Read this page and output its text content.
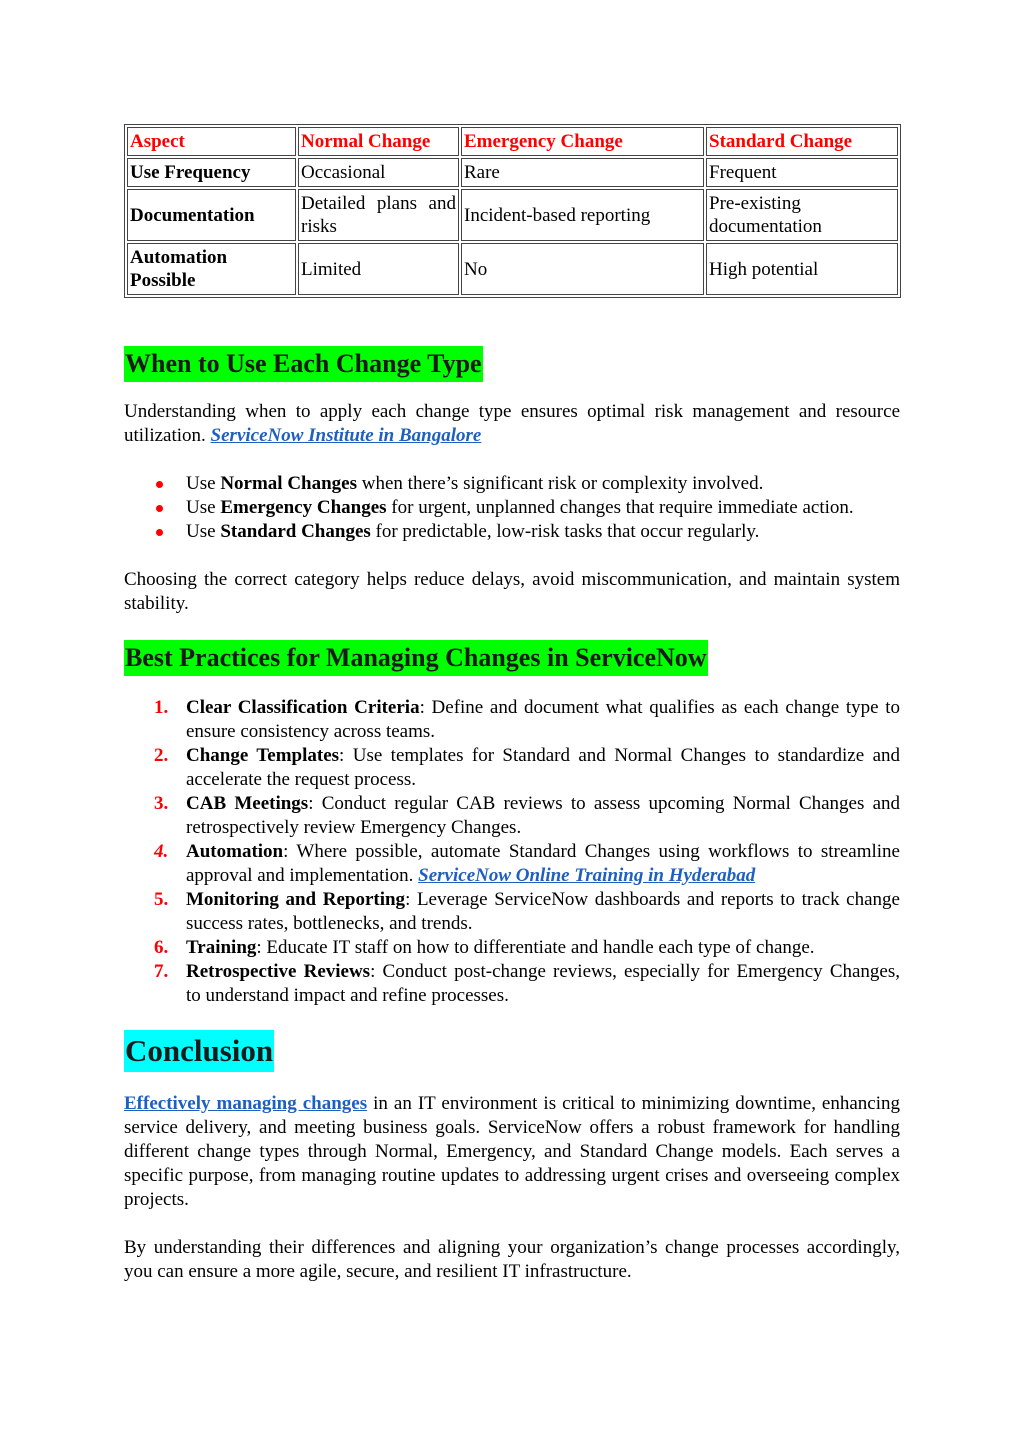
Aspect	Normal Change	Emergency Change	Standard Change
Use Frequency	Occasional	Rare	Frequent
Documentation	Detailed plans and risks	Incident-based reporting	Pre-existing documentation
Automation Possible	Limited	No	High potential
When to Use Each Change Type

Understanding when to apply each change type ensures optimal risk management and resource utilization. ServiceNow Institute in Bangalore

Use Normal Changes when there’s significant risk or complexity involved.
Use Emergency Changes for urgent, unplanned changes that require immediate action.
Use Standard Changes for predictable, low-risk tasks that occur regularly.

Choosing the correct category helps reduce delays, avoid miscommunication, and maintain system stability.

Best Practices for Managing Changes in ServiceNow
1. Clear Classification Criteria: Define and document what qualifies as each change type to ensure consistency across teams.
2. Change Templates: Use templates for Standard and Normal Changes to standardize and accelerate the request process.
3. CAB Meetings: Conduct regular CAB reviews to assess upcoming Normal Changes and retrospectively review Emergency Changes.
4. Automation: Where possible, automate Standard Changes using workflows to streamline approval and implementation. ServiceNow Online Training in Hyderabad
5. Monitoring and Reporting: Leverage ServiceNow dashboards and reports to track change success rates, bottlenecks, and trends.
6. Training: Educate IT staff on how to differentiate and handle each type of change.
7. Retrospective Reviews: Conduct post-change reviews, especially for Emergency Changes, to understand impact and refine processes.
Conclusion

Effectively managing changes in an IT environment is critical to minimizing downtime, enhancing service delivery, and meeting business goals. ServiceNow offers a robust framework for handling different change types through Normal, Emergency, and Standard Change models. Each serves a specific purpose, from managing routine updates to addressing urgent crises and overseeing complex projects.

By understanding their differences and aligning your organization’s change processes accordingly, you can ensure a more agile, secure, and resilient IT infrastructure.
